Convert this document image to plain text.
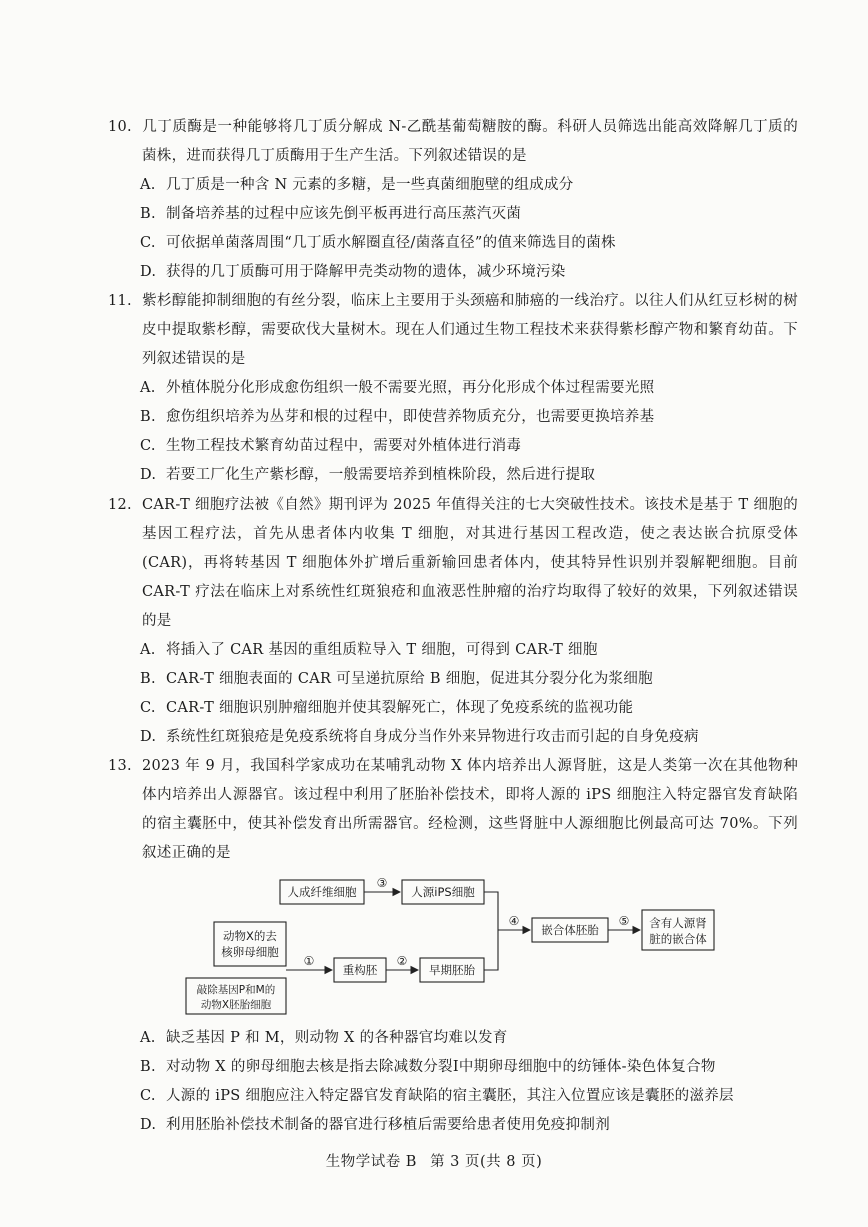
10. 几丁质酶是一种能够将几丁质分解成 N-乙酰基葡萄糖胺的酶。科研人员筛选出能高效降解几丁质的菌株，进而获得几丁质酶用于生产生活。下列叙述错误的是
A. 几丁质是一种含 N 元素的多糖，是一些真菌细胞壁的组成成分
B. 制备培养基的过程中应该先倒平板再进行高压蒸汽灭菌
C. 可依据单菌落周围“几丁质水解圈直径/菌落直径”的值来筛选目的菌株
D. 获得的几丁质酶可用于降解甲壳类动物的遗体，减少环境污染
11. 紫杉醇能抑制细胞的有丝分裂，临床上主要用于头颈癌和肺癌的一线治疗。以往人们从红豆杉树的树皮中提取紫杉醇，需要砍伐大量树木。现在人们通过生物工程技术来获得紫杉醇产物和繁育幼苗。下列叙述错误的是
A. 外植体脱分化形成愈伤组织一般不需要光照，再分化形成个体过程需要光照
B. 愈伤组织培养为丛芽和根的过程中，即使营养物质充分，也需要更换培养基
C. 生物工程技术繁育幼苗过程中，需要对外植体进行消毒
D. 若要工厂化生产紫杉醇，一般需要培养到植株阶段，然后进行提取
12. CAR-T 细胞疗法被《自然》期刊评为 2025 年值得关注的七大突破性技术。该技术是基于 T 细胞的基因工程疗法，首先从患者体内收集 T 细胞，对其进行基因工程改造，使之表达嵌合抗原受体(CAR)，再将转基因 T 细胞体外扩增后重新输回患者体内，使其特异性识别并裂解靶细胞。目前 CAR-T 疗法在临床上对系统性红斑狼疮和血液恶性肿瘤的治疗均取得了较好的效果，下列叙述错误的是
A. 将插入了 CAR 基因的重组质粒导入 T 细胞，可得到 CAR-T 细胞
B. CAR-T 细胞表面的 CAR 可呈递抗原给 B 细胞，促进其分裂分化为浆细胞
C. CAR-T 细胞识别肿瘤细胞并使其裂解死亡，体现了免疫系统的监视功能
D. 系统性红斑狼疮是免疫系统将自身成分当作外来异物进行攻击而引起的自身免疫病
13. 2023 年 9 月，我国科学家成功在某哺乳动物 X 体内培养出人源肾脏，这是人类第一次在其他物种体内培养出人源器官。该过程中利用了胚胎补偿技术，即将人源的 iPS 细胞注入特定器官发育缺陷的宿主囊胚中，使其补偿发育出所需器官。经检测，这些肾脏中人源细胞比例最高可达 70%。下列叙述正确的是
人成纤维细胞
③
人源iPS细胞
动物X的去
核卵母细胞
①
重构胚
②
早期胚胎
敲除基因P和M的
动物X胚胎细胞
④
嵌合体胚胎
⑤ 含有人源肾
脏的嵌合体
A. 缺乏基因 P 和 M，则动物 X 的各种器官均难以发育
B. 对动物 X 的卵母细胞去核是指去除减数分裂Ⅰ中期卵母细胞中的纺锤体-染色体复合物
C. 人源的 iPS 细胞应注入特定器官发育缺陷的宿主囊胚，其注入位置应该是囊胚的滋养层
D. 利用胚胎补偿技术制备的器官进行移植后需要给患者使用免疫抑制剂
生物学试卷 B 第 3 页(共 8 页)
